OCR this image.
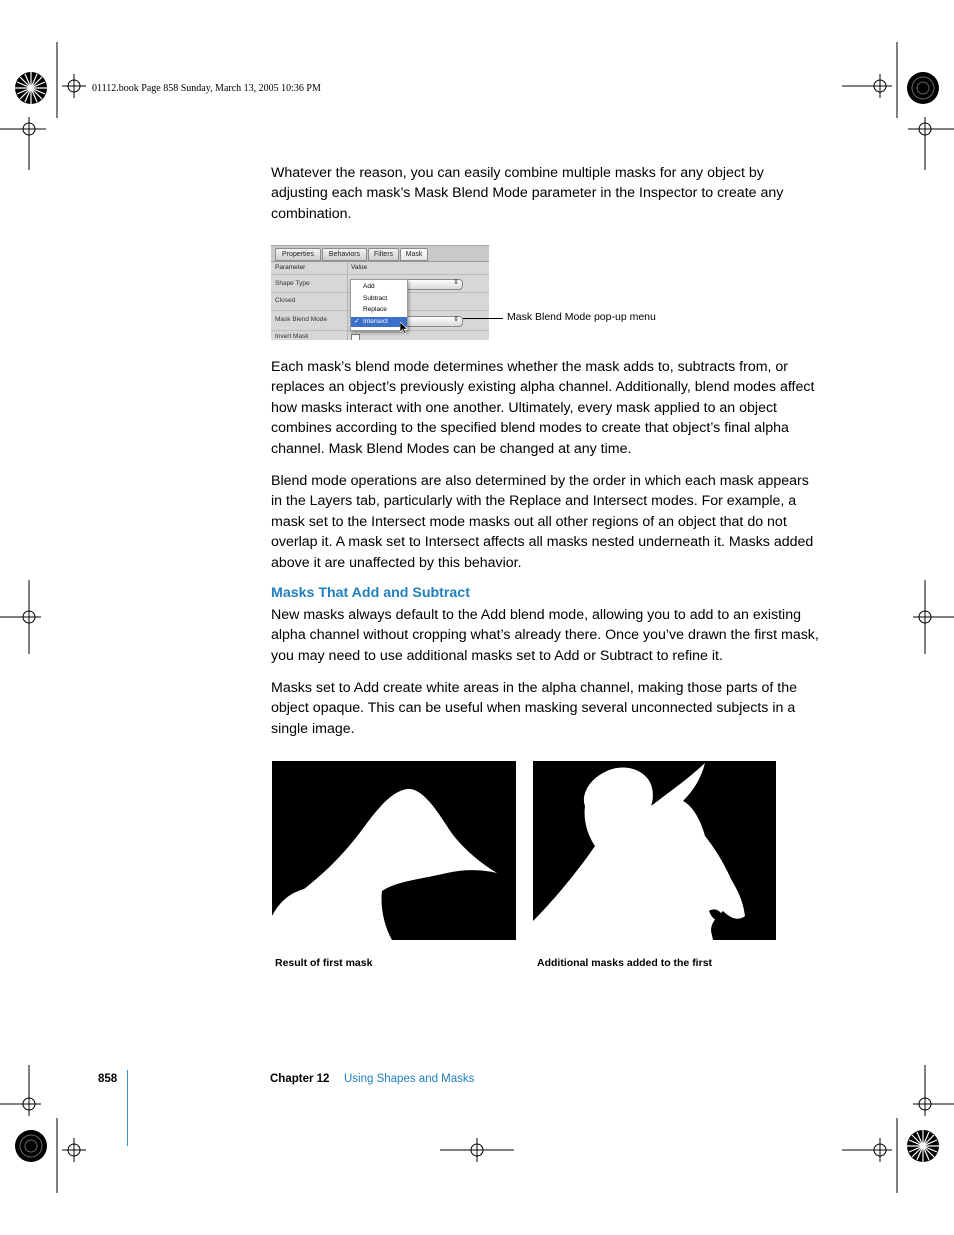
01112.book Page 858 Sunday, March 13, 2005 10:36 PM
Whatever the reason, you can easily combine multiple masks for any object by adjusting each mask’s Mask Blend Mode parameter in the Inspector to create any combination.
Properties	Behaviors	Filters	Mask
Parameter	Value
Shape Type	⇕
Closed
Mask Blend Mode	⇕
Invert Mask
Add
Subtract
Replace
✓ Intersect	Mask Blend Mode pop-up menu
Each mask’s blend mode determines whether the mask adds to, subtracts from, or replaces an object’s previously existing alpha channel. Additionally, blend modes affect how masks interact with one another. Ultimately, every mask applied to an object combines according to the specified blend modes to create that object’s final alpha channel. Mask Blend Modes can be changed at any time.
Blend mode operations are also determined by the order in which each mask appears in the Layers tab, particularly with the Replace and Intersect modes. For example, a mask set to the Intersect mode masks out all other regions of an object that do not overlap it. A mask set to Intersect affects all masks nested underneath it. Masks added above it are unaffected by this behavior.
Masks That Add and Subtract
New masks always default to the Add blend mode, allowing you to add to an existing alpha channel without cropping what’s already there. Once you’ve drawn the first mask, you may need to use additional masks set to Add or Subtract to refine it.
Masks set to Add create white areas in the alpha channel, making those parts of the object opaque. This can be useful when masking several unconnected subjects in a single image.
Result of first mask	Additional masks added to the first
858	Chapter 12 Using Shapes and Masks
